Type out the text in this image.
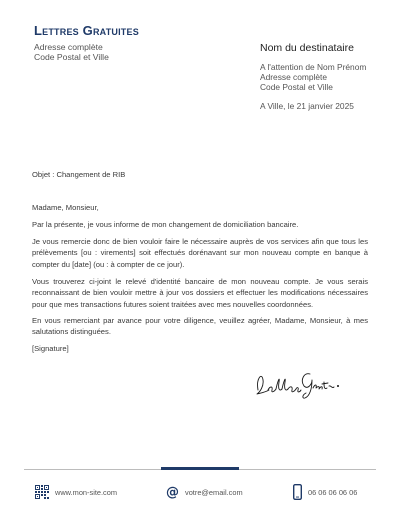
Lettres Gratuites
Adresse complète
Code Postal et Ville
Nom du destinataire
A l'attention de Nom Prénom
Adresse complète
Code Postal et Ville
A Ville, le 21 janvier 2025
Objet : Changement de RIB
Madame, Monsieur,
Par la présente, je vous informe de mon changement de domiciliation bancaire.
Je vous remercie donc de bien vouloir faire le nécessaire auprès de vos services afin que tous les prélèvements [ou : virements] soit effectués dorénavant sur mon nouveau compte en banque à compter du [date] (ou : à compter de ce jour).
Vous trouverez ci-joint le relevé d'identité bancaire de mon nouveau compte. Je vous serais reconnaissant de bien vouloir mettre à jour vos dossiers et effectuer les modifications nécessaires pour que mes transactions futures soient traitées avec mes nouvelles coordonnées.
En vous remerciant par avance pour votre diligence, veuillez agréer, Madame, Monsieur, à mes salutations distinguées.
[Signature]
Lettres Gratuites
www.mon-site.com	@ votre@email.com	06 06 06 06 06
